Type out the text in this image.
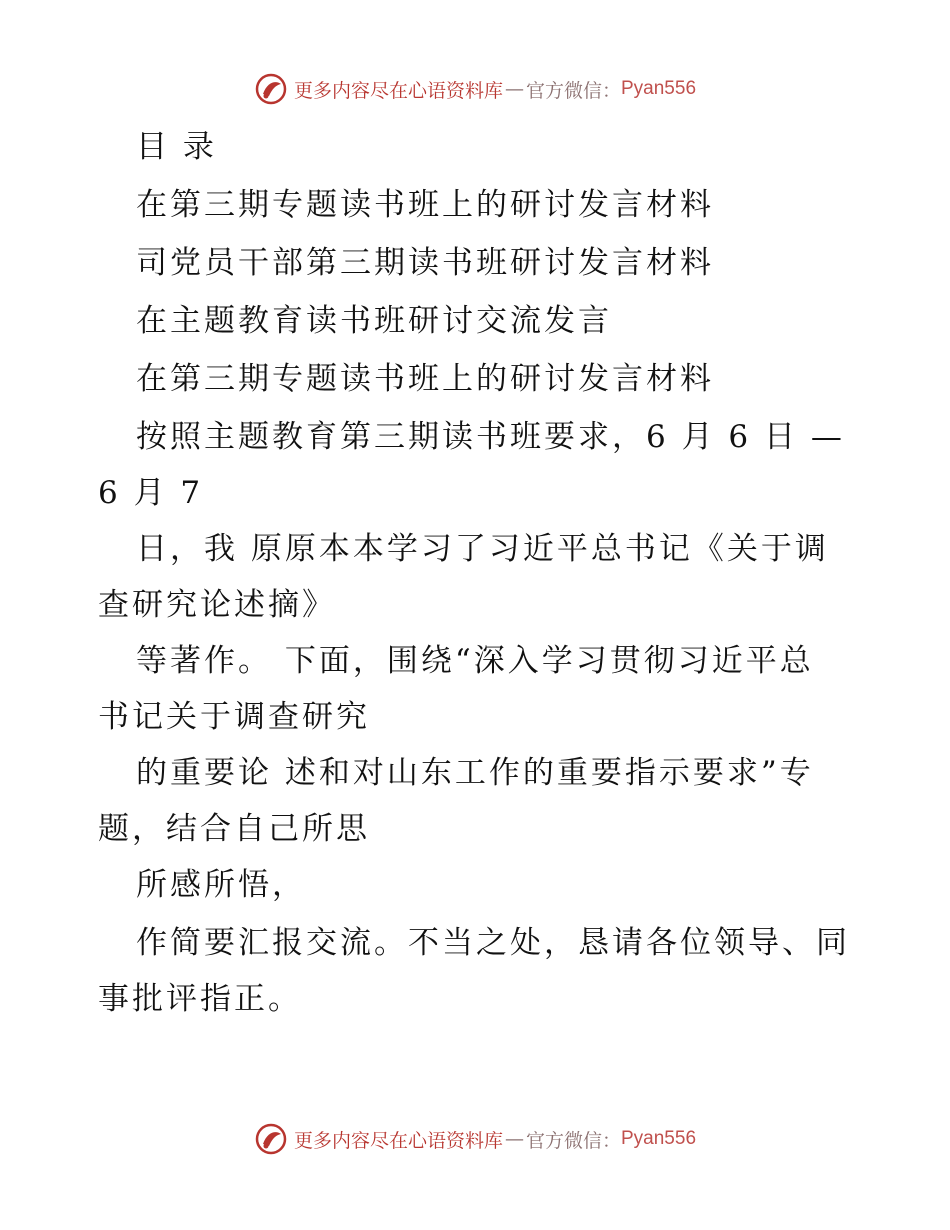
更多内容尽在心语资料库 — 官方微信： Pyan556
目 录
在第三期专题读书班上的研讨发言材料
司党员干部第三期读书班研讨发言材料
在主题教育读书班研讨交流发言
在第三期专题读书班上的研讨发言材料
按照主题教育第三期读书班要求，6 月 6 日 —
6 月 7
日，我 原原本本学习了习近平总书记《关于调
查研究论述摘》
等著作。 下面，围绕“深入学习贯彻习近平总
书记关于调查研究
的重要论 述和对山东工作的重要指示要求”专
题，结合自己所思
所感所悟，
作简要汇报交流。不当之处，恳请各位领导、同
事批评指正。
更多内容尽在心语资料库 — 官方微信： Pyan556
